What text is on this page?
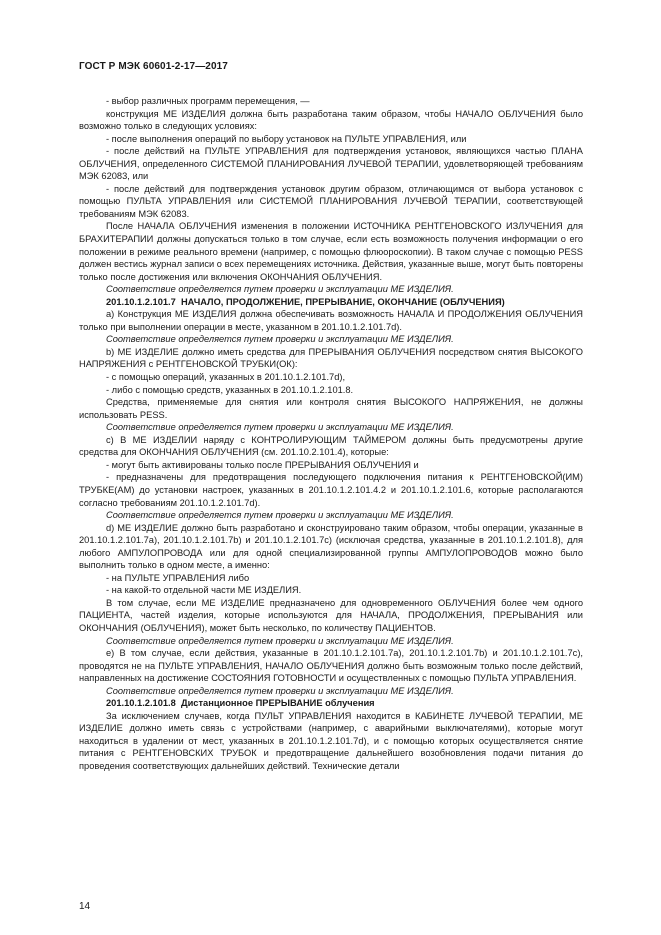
ГОСТ Р МЭК 60601-2-17—2017

- выбор различных программ перемещения, —

конструкция МЕ ИЗДЕЛИЯ должна быть разработана таким образом, чтобы НАЧАЛО ОБЛУЧЕНИЯ было возможно только в следующих условиях:

- после выполнения операций по выбору установок на ПУЛЬТЕ УПРАВЛЕНИЯ, или

- после действий на ПУЛЬТЕ УПРАВЛЕНИЯ для подтверждения установок, являющихся частью ПЛАНА ОБЛУЧЕНИЯ, определенного СИСТЕМОЙ ПЛАНИРОВАНИЯ ЛУЧЕВОЙ ТЕРАПИИ, удовлетворяющей требованиям МЭК 62083, или

- после действий для подтверждения установок другим образом, отличающимся от выбора установок с помощью ПУЛЬТА УПРАВЛЕНИЯ или СИСТЕМОЙ ПЛАНИРОВАНИЯ ЛУЧЕВОЙ ТЕРАПИИ, соответствующей требованиям МЭК 62083.

После НАЧАЛА ОБЛУЧЕНИЯ изменения в положении ИСТОЧНИКА РЕНТГЕНОВСКОГО ИЗЛУЧЕНИЯ для БРАХИТЕРАПИИ должны допускаться только в том случае, если есть возможность получения информации о его положении в режиме реального времени (например, с помощью флюороскопии). В таком случае с помощью PESS должен вестись журнал записи о всех перемещениях источника. Действия, указанные выше, могут быть повторены только после достижения или включения ОКОНЧАНИЯ ОБЛУЧЕНИЯ.

Соответствие определяется путем проверки и эксплуатации МЕ ИЗДЕЛИЯ.

201.10.1.2.101.7 НАЧАЛО, ПРОДОЛЖЕНИЕ, ПРЕРЫВАНИЕ, ОКОНЧАНИЕ (ОБЛУЧЕНИЯ)

a) Конструкция МЕ ИЗДЕЛИЯ должна обеспечивать возможность НАЧАЛА И ПРОДОЛЖЕНИЯ ОБЛУЧЕНИЯ только при выполнении операции в месте, указанном в 201.10.1.2.101.7d).

Соответствие определяется путем проверки и эксплуатации МЕ ИЗДЕЛИЯ.

b) МЕ ИЗДЕЛИЕ должно иметь средства для ПРЕРЫВАНИЯ ОБЛУЧЕНИЯ посредством снятия ВЫСОКОГО НАПРЯЖЕНИЯ с РЕНТГЕНОВСКОЙ ТРУБКИ(ОК):

- с помощью операций, указанных в 201.10.1.2.101.7d),

- либо с помощью средств, указанных в 201.10.1.2.101.8.

Средства, применяемые для снятия или контроля снятия ВЫСОКОГО НАПРЯЖЕНИЯ, не должны использовать PESS.

Соответствие определяется путем проверки и эксплуатации МЕ ИЗДЕЛИЯ.

c) В МЕ ИЗДЕЛИИ наряду с КОНТРОЛИРУЮЩИМ ТАЙМЕРОМ должны быть предусмотрены другие средства для ОКОНЧАНИЯ ОБЛУЧЕНИЯ (см. 201.10.2.101.4), которые:

- могут быть активированы только после ПРЕРЫВАНИЯ ОБЛУЧЕНИЯ и

- предназначены для предотвращения последующего подключения питания к РЕНТГЕНОВСКОЙ(ИМ) ТРУБКЕ(АМ) до установки настроек, указанных в 201.10.1.2.101.4.2 и 201.10.1.2.101.6, которые располагаются согласно требованиям 201.10.1.2.101.7d).

Соответствие определяется путем проверки и эксплуатации МЕ ИЗДЕЛИЯ.

d) МЕ ИЗДЕЛИЕ должно быть разработано и сконструировано таким образом, чтобы операции, указанные в 201.10.1.2.101.7a), 201.10.1.2.101.7b) и 201.10.1.2.101.7c) (исключая средства, указанные в 201.10.1.2.101.8), для любого АМПУЛОПРОВОДА или для одной специализированной группы АМПУЛОПРОВОДОВ можно было выполнить только в одном месте, а именно:

- на ПУЛЬТЕ УПРАВЛЕНИЯ либо

- на какой-то отдельной части МЕ ИЗДЕЛИЯ.

В том случае, если МЕ ИЗДЕЛИЕ предназначено для одновременного ОБЛУЧЕНИЯ более чем одного ПАЦИЕНТА, частей изделия, которые используются для НАЧАЛА, ПРОДОЛЖЕНИЯ, ПРЕРЫВАНИЯ или ОКОНЧАНИЯ (ОБЛУЧЕНИЯ), может быть несколько, по количеству ПАЦИЕНТОВ.

Соответствие определяется путем проверки и эксплуатации МЕ ИЗДЕЛИЯ.

e) В том случае, если действия, указанные в 201.10.1.2.101.7a), 201.10.1.2.101.7b) и 201.10.1.2.101.7c), проводятся не на ПУЛЬТЕ УПРАВЛЕНИЯ, НАЧАЛО ОБЛУЧЕНИЯ должно быть возможным только после действий, направленных на достижение СОСТОЯНИЯ ГОТОВНОСТИ и осуществленных с помощью ПУЛЬТА УПРАВЛЕНИЯ.

Соответствие определяется путем проверки и эксплуатации МЕ ИЗДЕЛИЯ.

201.10.1.2.101.8 Дистанционное ПРЕРЫВАНИЕ облучения

За исключением случаев, когда ПУЛЬТ УПРАВЛЕНИЯ находится в КАБИНЕТЕ ЛУЧЕВОЙ ТЕРАПИИ, МЕ ИЗДЕЛИЕ должно иметь связь с устройствами (например, с аварийными выключателями), которые могут находиться в удалении от мест, указанных в 201.10.1.2.101.7d), и с помощью которых осуществляется снятие питания с РЕНТГЕНОВСКИХ ТРУБОК и предотвращение дальнейшего возобновления подачи питания до проведения соответствующих дальнейших действий. Технические детали

14
